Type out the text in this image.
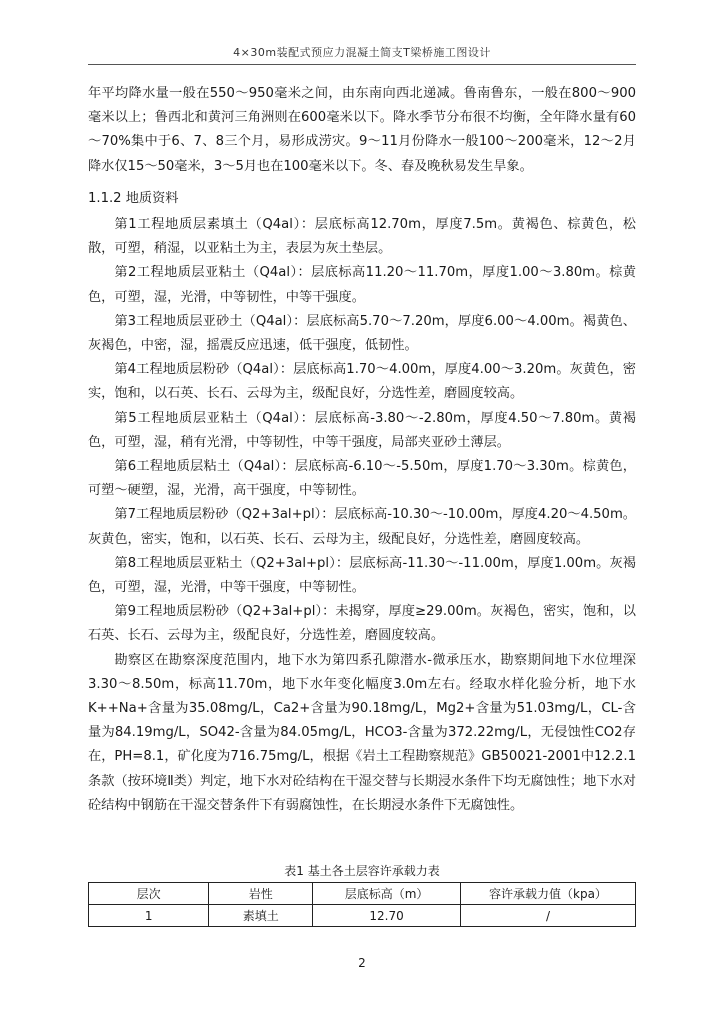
4×30m装配式预应力混凝土简支T梁桥施工图设计

年平均降水量一般在550～950毫米之间，由东南向西北递减。鲁南鲁东，一般在800～900毫米以上；鲁西北和黄河三角洲则在600毫米以下。降水季节分布很不均衡，全年降水量有60～70%集中于6、7、8三个月，易形成涝灾。9～11月份降水一般100～200毫米，12～2月降水仅15～50毫米，3～5月也在100毫米以下。冬、春及晚秋易发生旱象。

1.1.2 地质资料

第1工程地质层素填土（Q4al）：层底标高12.70m，厚度7.5m。黄褐色、棕黄色，松散，可塑，稍湿，以亚粘土为主，表层为灰土垫层。

第2工程地质层亚粘土（Q4al）：层底标高11.20～11.70m，厚度1.00～3.80m。棕黄色，可塑，湿，光滑，中等韧性，中等干强度。

第3工程地质层亚砂土（Q4al）：层底标高5.70～7.20m，厚度6.00～4.00m。褐黄色、灰褐色，中密，湿，摇震反应迅速，低干强度，低韧性。

第4工程地质层粉砂（Q4al）：层底标高1.70～4.00m，厚度4.00～3.20m。灰黄色，密实，饱和，以石英、长石、云母为主，级配良好，分选性差，磨圆度较高。

第5工程地质层亚粘土（Q4al）：层底标高-3.80～-2.80m，厚度4.50～7.80m。黄褐色，可塑，湿，稍有光滑，中等韧性，中等干强度，局部夹亚砂土薄层。

第6工程地质层粘土（Q4al）：层底标高-6.10～-5.50m，厚度1.70～3.30m。棕黄色，可塑～硬塑，湿，光滑，高干强度，中等韧性。

第7工程地质层粉砂（Q2+3al+pl）：层底标高-10.30～-10.00m，厚度4.20～4.50m。灰黄色，密实，饱和，以石英、长石、云母为主，级配良好，分选性差，磨圆度较高。

第8工程地质层亚粘土（Q2+3al+pl）：层底标高-11.30～-11.00m，厚度1.00m。灰褐色，可塑，湿，光滑，中等干强度，中等韧性。

第9工程地质层粉砂（Q2+3al+pl）：未揭穿，厚度≥29.00m。灰褐色，密实，饱和，以石英、长石、云母为主，级配良好，分选性差，磨圆度较高。

勘察区在勘察深度范围内，地下水为第四系孔隙潜水-微承压水，勘察期间地下水位埋深3.30～8.50m，标高11.70m，地下水年变化幅度3.0m左右。经取水样化验分析，地下水K++Na+含量为35.08mg/L，Ca2+含量为90.18mg/L，Mg2+含量为51.03mg/L，CL-含量为84.19mg/L，SO42-含量为84.05mg/L，HCO3-含量为372.22mg/L，无侵蚀性CO2存在，PH=8.1，矿化度为716.75mg/L，根据《岩土工程勘察规范》GB50021-2001中12.2.1条款（按环境Ⅱ类）判定，地下水对砼结构在干湿交替与长期浸水条件下均无腐蚀性；地下水对砼结构中钢筋在干湿交替条件下有弱腐蚀性，在长期浸水条件下无腐蚀性。

表1 基土各土层容许承载力表
层次	岩性	层底标高（m）	容许承载力值（kpa）
1	素填土	12.70	/
2
